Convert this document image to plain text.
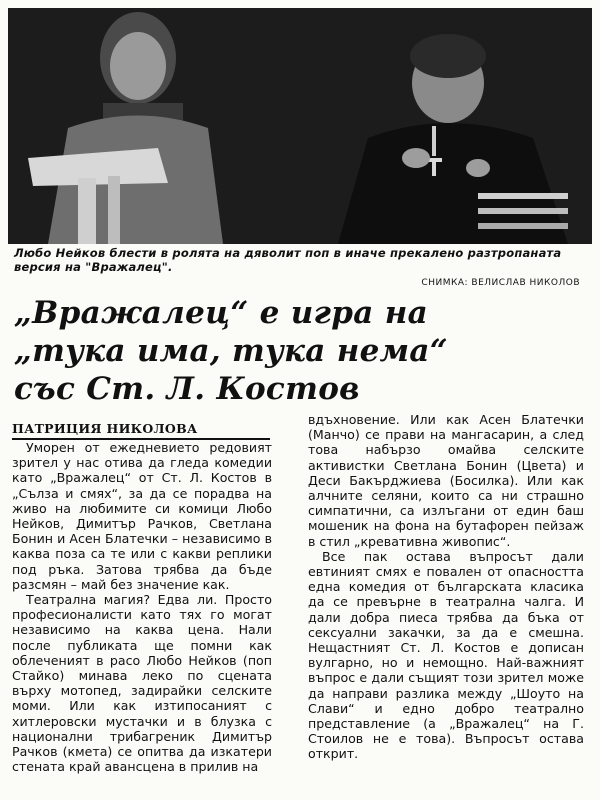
Любо Нейков блести в ролята на дяволит поп в иначе прекалено разтропаната версия на "Вражалец".
СНИМКА: ВЕЛИСЛАВ НИКОЛОВ
„Вражалец“ е игра на
„тука има, тука нема“
със Ст. Л. Костов
ПАТРИЦИЯ НИКОЛОВА

Уморен от ежедневието редовият зрител у нас отива да гледа комедии като „Вражалец“ от Ст. Л. Костов в „Сълза и смях“, за да се порадва на живо на любимите си комици Любо Нейков, Димитър Рачков, Светлана Бонин и Асен Блатечки – независимо в каква поза са те или с какви реплики под ръка. Затова трябва да бъде разсмян – май без значение как.

Театрална магия? Едва ли. Просто професионалисти като тях го могат независимо на каква цена. Нали после публиката ще помни как облеченият в расо Любо Нейков (поп Стайко) минава леко по сцената върху мотопед, задирайки селските моми. Или как изтипосаният с хитлеровски мустачки и в блузка с национални трибагреник Димитър Рачков (кмета) се опитва да изкатери стената край авансцена в прилив на

вдъхновение. Или как Асен Блатечки (Манчо) се прави на мангасарин, а след това набързо омайва селските активистки Светлана Бонин (Цвета) и Деси Бакърджиева (Босилка). Или как алчните селяни, които са ни страшно симпатични, са излъгани от един баш мошеник на фона на бутафорен пейзаж в стил „кревативна живопис“.

Все пак остава въпросът дали евтиният смях е повален от опасността една комедия от българската класика да се превърне в театрална чалга. И дали добра пиеса трябва да бъка от сексуални закачки, за да е смешна. Нещастният Ст. Л. Костов е дописан вулгарно, но и немощно. Най-важният въпрос е дали същият този зрител може да направи разлика между „Шоуто на Слави“ и едно добро театрално представление (а „Вражалец“ на Г. Стоилов не е това). Въпросът остава открит.
